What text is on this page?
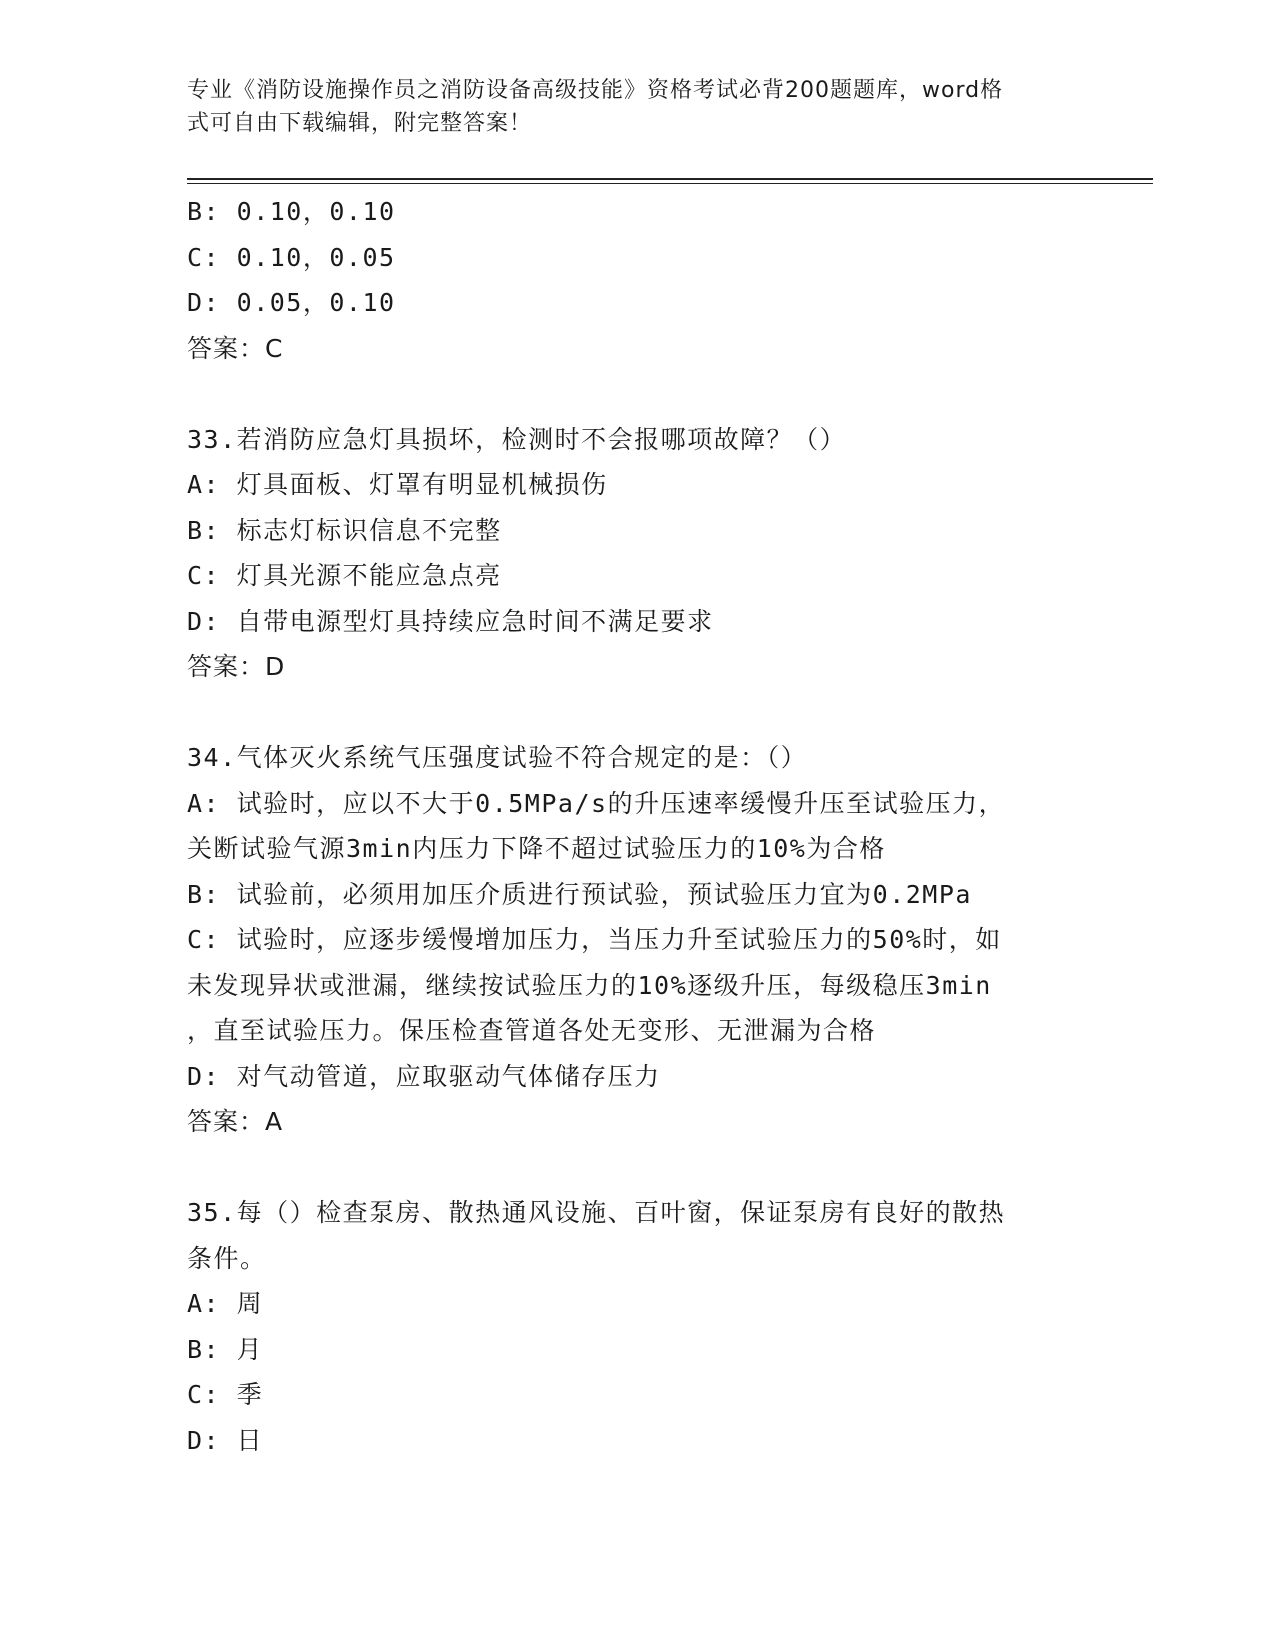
专业《消防设施操作员之消防设备高级技能》资格考试必背200题题库，word格
式可自由下载编辑，附完整答案！
B: 0.10，0.10
C: 0.10，0.05
D: 0.05，0.10
答案：C
33.若消防应急灯具损坏，检测时不会报哪项故障？（）
A: 灯具面板、灯罩有明显机械损伤
B: 标志灯标识信息不完整
C: 灯具光源不能应急点亮
D: 自带电源型灯具持续应急时间不满足要求
答案：D
34.气体灭火系统气压强度试验不符合规定的是：（）
A: 试验时，应以不大于0.5MPa/s的升压速率缓慢升压至试验压力，
关断试验气源3min内压力下降不超过试验压力的10%为合格
B: 试验前，必须用加压介质进行预试验，预试验压力宜为0.2MPa
C: 试验时，应逐步缓慢增加压力，当压力升至试验压力的50%时，如
未发现异状或泄漏，继续按试验压力的10%逐级升压，每级稳压3min
，直至试验压力。保压检查管道各处无变形、无泄漏为合格
D: 对气动管道，应取驱动气体储存压力
答案：A
35.每（）检查泵房、散热通风设施、百叶窗，保证泵房有良好的散热
条件。
A: 周
B: 月
C: 季
D: 日
